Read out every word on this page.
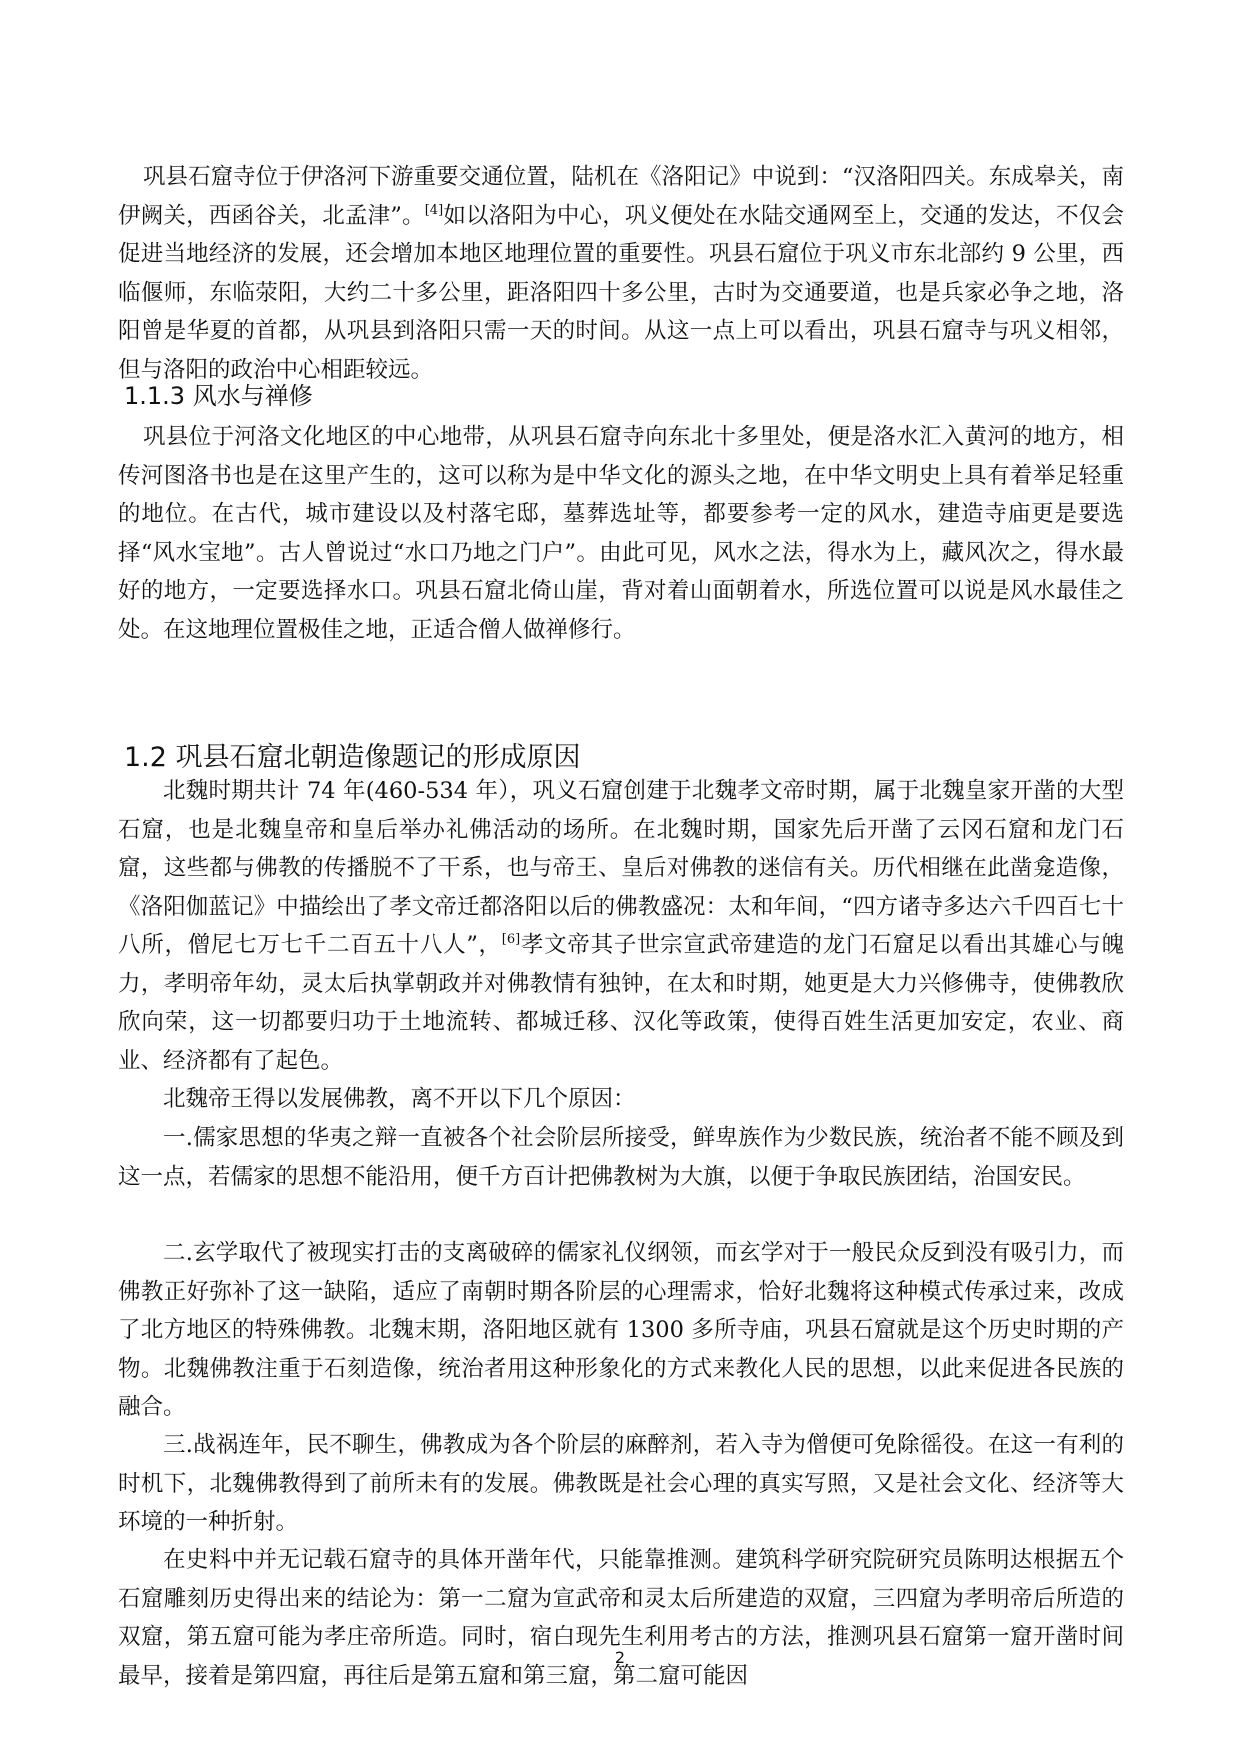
巩县石窟寺位于伊洛河下游重要交通位置，陆机在《洛阳记》中说到：“汉洛阳四关。东成皋关，南伊阙关，西函谷关，北孟津”。[4]如以洛阳为中心，巩义便处在水陆交通网至上，交通的发达，不仅会促进当地经济的发展，还会增加本地区地理位置的重要性。巩县石窟位于巩义市东北部约 9 公里，西临偃师，东临荥阳，大约二十多公里，距洛阳四十多公里，古时为交通要道，也是兵家必争之地，洛阳曾是华夏的首都，从巩县到洛阳只需一天的时间。从这一点上可以看出，巩县石窟寺与巩义相邻，但与洛阳的政治中心相距较远。

1.1.3 风水与禅修

巩县位于河洛文化地区的中心地带，从巩县石窟寺向东北十多里处，便是洛水汇入黄河的地方，相传河图洛书也是在这里产生的，这可以称为是中华文化的源头之地，在中华文明史上具有着举足轻重的地位。在古代，城市建设以及村落宅邸，墓葬选址等，都要参考一定的风水，建造寺庙更是要选择“风水宝地”。古人曾说过“水口乃地之门户”。由此可见，风水之法，得水为上，藏风次之，得水最好的地方，一定要选择水口。巩县石窟北倚山崖，背对着山面朝着水，所选位置可以说是风水最佳之处。在这地理位置极佳之地，正适合僧人做禅修行。

1.2 巩县石窟北朝造像题记的形成原因

北魏时期共计 74 年(460-534 年），巩义石窟创建于北魏孝文帝时期，属于北魏皇家开凿的大型石窟，也是北魏皇帝和皇后举办礼佛活动的场所。在北魏时期，国家先后开凿了云冈石窟和龙门石窟，这些都与佛教的传播脱不了干系，也与帝王、皇后对佛教的迷信有关。历代相继在此凿龛造像，《洛阳伽蓝记》中描绘出了孝文帝迁都洛阳以后的佛教盛况：太和年间，“四方诸寺多达六千四百七十八所，僧尼七万七千二百五十八人”，[6]孝文帝其子世宗宣武帝建造的龙门石窟足以看出其雄心与魄力，孝明帝年幼，灵太后执掌朝政并对佛教情有独钟，在太和时期，她更是大力兴修佛寺，使佛教欣欣向荣，这一切都要归功于土地流转、都城迁移、汉化等政策，使得百姓生活更加安定，农业、商业、经济都有了起色。

北魏帝王得以发展佛教，离不开以下几个原因：

一.儒家思想的华夷之辩一直被各个社会阶层所接受，鲜卑族作为少数民族，统治者不能不顾及到这一点，若儒家的思想不能沿用，便千方百计把佛教树为大旗，以便于争取民族团结，治国安民。

二.玄学取代了被现实打击的支离破碎的儒家礼仪纲领，而玄学对于一般民众反到没有吸引力，而佛教正好弥补了这一缺陷，适应了南朝时期各阶层的心理需求，恰好北魏将这种模式传承过来，改成了北方地区的特殊佛教。北魏末期，洛阳地区就有 1300 多所寺庙，巩县石窟就是这个历史时期的产物。北魏佛教注重于石刻造像，统治者用这种形象化的方式来教化人民的思想，以此来促进各民族的融合。

三.战祸连年，民不聊生，佛教成为各个阶层的麻醉剂，若入寺为僧便可免除徭役。在这一有利的时机下，北魏佛教得到了前所未有的发展。佛教既是社会心理的真实写照，又是社会文化、经济等大环境的一种折射。

在史料中并无记载石窟寺的具体开凿年代，只能靠推测。建筑科学研究院研究员陈明达根据五个石窟雕刻历史得出来的结论为：第一二窟为宣武帝和灵太后所建造的双窟，三四窟为孝明帝后所造的双窟，第五窟可能为孝庄帝所造。同时，宿白现先生利用考古的方法，推测巩县石窟第一窟开凿时间最早，接着是第四窟，再往后是第五窟和第三窟，第二窟可能因

2
